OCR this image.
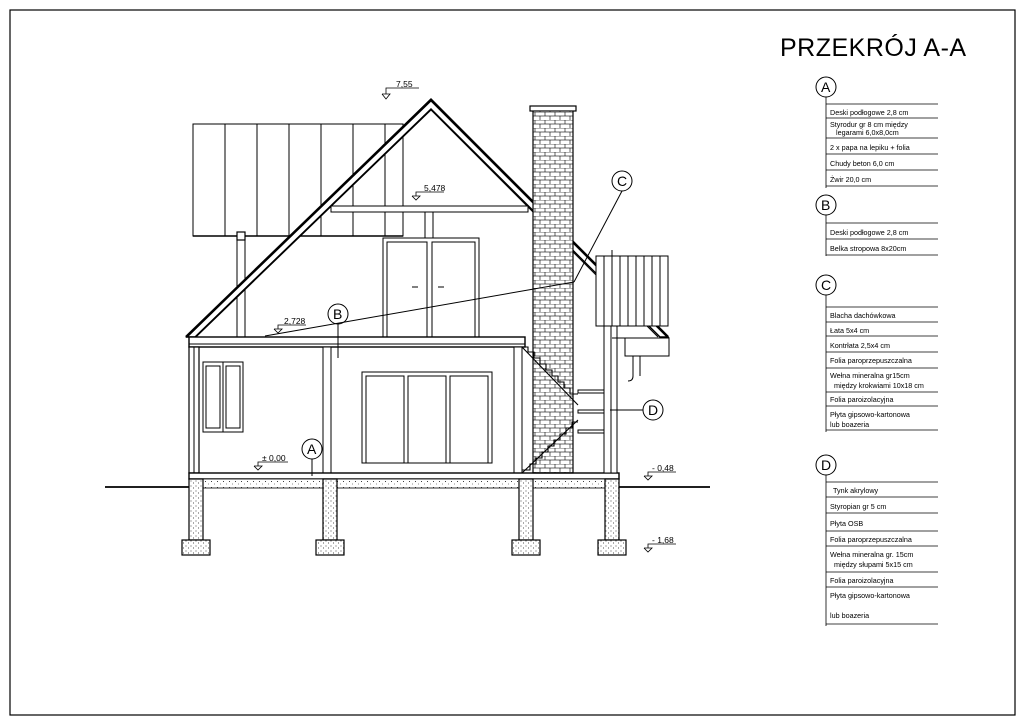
PRZEKRÓJ A-A
7,55
5,478
2,728
± 0,00
- 0,48
- 1,68
A
B
C
D
A
Deski podłogowe 2,8 cm
Styrodur gr 8 cm między
legarami 6,0x8,0cm
2 x papa na lepiku + folia
Chudy beton 6,0 cm
Żwir 20,0 cm
B
Deski podłogowe 2,8 cm
Belka stropowa 8x20cm
C
Blacha dachówkowa
Łata 5x4 cm
Kontrłata 2,5x4 cm
Folia paroprzepuszczalna
Wełna mineralna gr15cm
między krokwiami 10x18 cm
Folia paroizolacyjna
Płyta gipsowo-kartonowa
lub boazeria
D
Tynk akrylowy
Styropian gr 5 cm
Płyta OSB
Folia paroprzepuszczalna
Wełna mineralna gr. 15cm
między słupami 5x15 cm
Folia paroizolacyjna
Płyta gipsowo-kartonowa
lub boazeria
